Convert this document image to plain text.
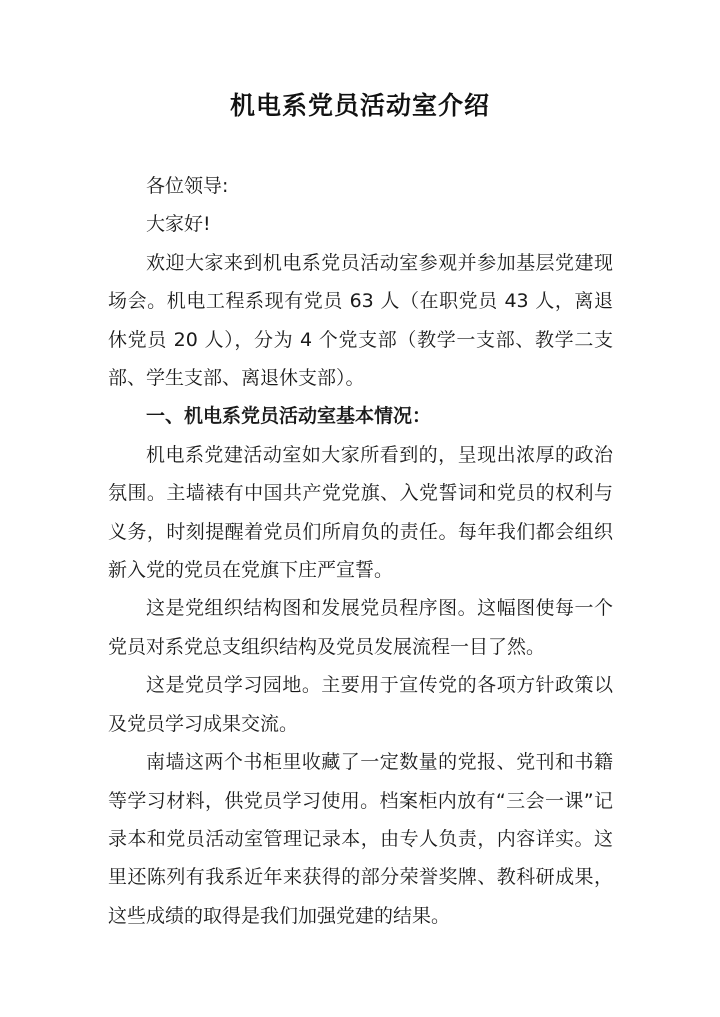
机电系党员活动室介绍

各位领导:

大家好!

欢迎大家来到机电系党员活动室参观并参加基层党建现场会。机电工程系现有党员 63 人（在职党员 43 人，离退休党员 20 人），分为 4 个党支部（教学一支部、教学二支部、学生支部、离退休支部）。

一、机电系党员活动室基本情况：

机电系党建活动室如大家所看到的，呈现出浓厚的政治氛围。主墙裱有中国共产党党旗、入党誓词和党员的权利与义务，时刻提醒着党员们所肩负的责任。每年我们都会组织新入党的党员在党旗下庄严宣誓。

这是党组织结构图和发展党员程序图。这幅图使每一个党员对系党总支组织结构及党员发展流程一目了然。

这是党员学习园地。主要用于宣传党的各项方针政策以及党员学习成果交流。

南墙这两个书柜里收藏了一定数量的党报、党刊和书籍等学习材料，供党员学习使用。档案柜内放有“三会一课”记录本和党员活动室管理记录本，由专人负责，内容详实。这里还陈列有我系近年来获得的部分荣誉奖牌、教科研成果，这些成绩的取得是我们加强党建的结果。
